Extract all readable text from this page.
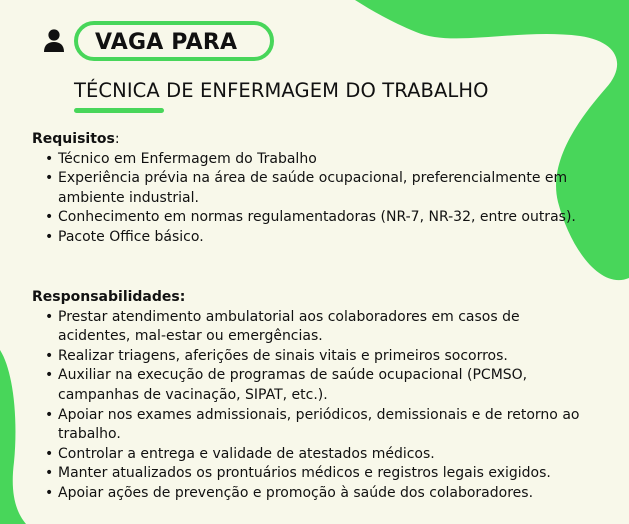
VAGA PARA
TÉCNICA DE ENFERMAGEM DO TRABALHO
Requisitos:
• Técnico em Enfermagem do Trabalho
• Experiência prévia na área de saúde ocupacional, preferencialmente em ambiente industrial.
• Conhecimento em normas regulamentadoras (NR-7, NR-32, entre outras).
• Pacote Office básico.
Responsabilidades:
• Prestar atendimento ambulatorial aos colaboradores em casos de acidentes, mal-estar ou emergências.
• Realizar triagens, aferições de sinais vitais e primeiros socorros.
• Auxiliar na execução de programas de saúde ocupacional (PCMSO, campanhas de vacinação, SIPAT, etc.).
• Apoiar nos exames admissionais, periódicos, demissionais e de retorno ao trabalho.
• Controlar a entrega e validade de atestados médicos.
• Manter atualizados os prontuários médicos e registros legais exigidos.
• Apoiar ações de prevenção e promoção à saúde dos colaboradores.
